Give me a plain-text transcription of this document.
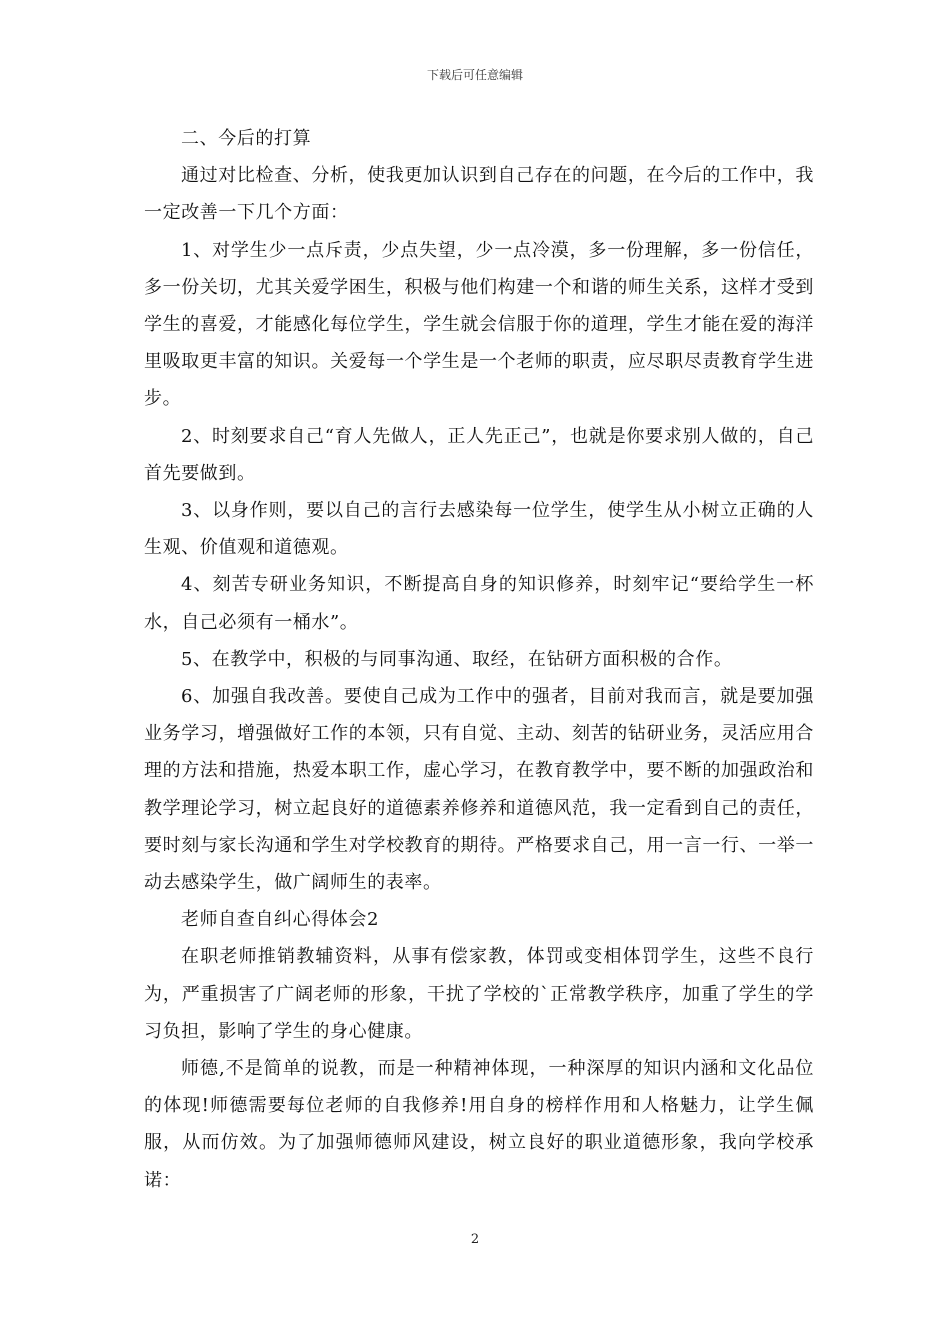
下载后可任意编辑

二、今后的打算

通过对比检查、分析，使我更加认识到自己存在的问题，在今后的工作中，我一定改善一下几个方面：

1、对学生少一点斥责，少点失望，少一点冷漠，多一份理解，多一份信任，多一份关切，尤其关爱学困生，积极与他们构建一个和谐的师生关系，这样才受到学生的喜爱，才能感化每位学生，学生就会信服于你的道理，学生才能在爱的海洋里吸取更丰富的知识。关爱每一个学生是一个老师的职责，应尽职尽责教育学生进步。

2、时刻要求自己“育人先做人，正人先正己”，也就是你要求别人做的，自己首先要做到。

3、以身作则，要以自己的言行去感染每一位学生，使学生从小树立正确的人生观、价值观和道德观。

4、刻苦专研业务知识，不断提高自身的知识修养，时刻牢记“要给学生一杯水，自己必须有一桶水”。

5、在教学中，积极的与同事沟通、取经，在钻研方面积极的合作。

6、加强自我改善。要使自己成为工作中的强者，目前对我而言，就是要加强业务学习，增强做好工作的本领，只有自觉、主动、刻苦的钻研业务，灵活应用合理的方法和措施，热爱本职工作，虚心学习，在教育教学中，要不断的加强政治和教学理论学习，树立起良好的道德素养修养和道德风范，我一定看到自己的责任，要时刻与家长沟通和学生对学校教育的期待。严格要求自己，用一言一行、一举一动去感染学生，做广阔师生的表率。

老师自查自纠心得体会2

在职老师推销教辅资料，从事有偿家教，体罚或变相体罚学生，这些不良行为，严重损害了广阔老师的形象，干扰了学校的`正常教学秩序，加重了学生的学习负担，影响了学生的身心健康。

师德,不是简单的说教，而是一种精神体现，一种深厚的知识内涵和文化品位的体现!师德需要每位老师的自我修养!用自身的榜样作用和人格魅力，让学生佩服，从而仿效。为了加强师德师风建设，树立良好的职业道德形象，我向学校承诺：

2
